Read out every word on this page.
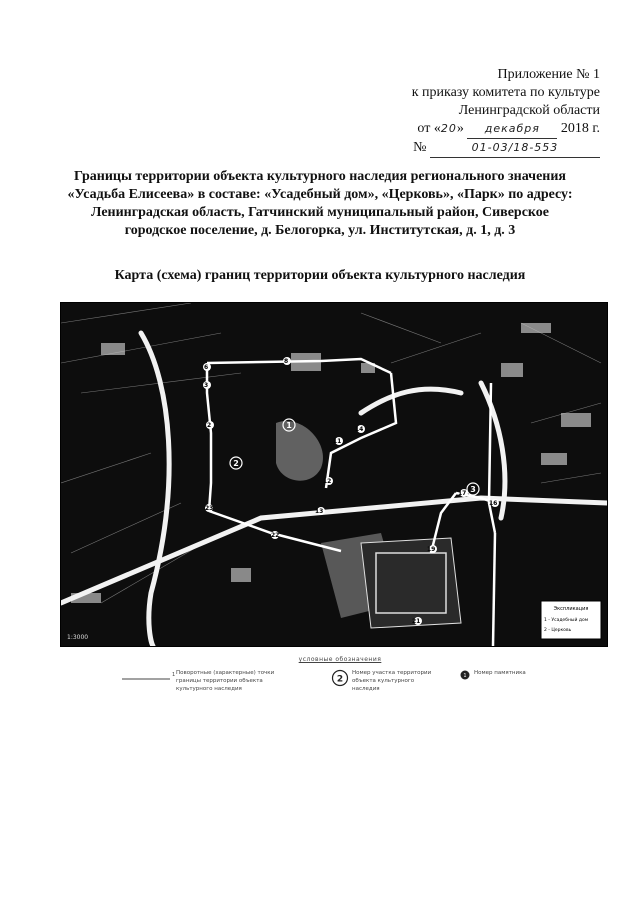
Приложение № 1
к приказу комитета по культуре
Ленинградской области
от «20» декабря 2018 г.
№	01-03/18-553
Границы территории объекта культурного наследия регионального значения
«Усадьба Елисеева» в составе: «Усадебный дом», «Церковь», «Парк» по адресу:
Ленинградская область, Гатчинский муниципальный район, Сиверское
городское поселение, д. Белогорка, ул. Институтская, д. 1, д. 3
Карта (схема) границ территории объекта культурного наследия
6
3
2
23
22
8
14
11
12
13
16
17
21
19
1
2
3
1:3000
Экспликация
1 - Усадебный дом
2 - Церковь
условные обозначения
1 Поворотные (характерные) точки границы территории объекта культурного наследия
2
Номер участка территории объекта культурного наследия
1 Номер памятника
